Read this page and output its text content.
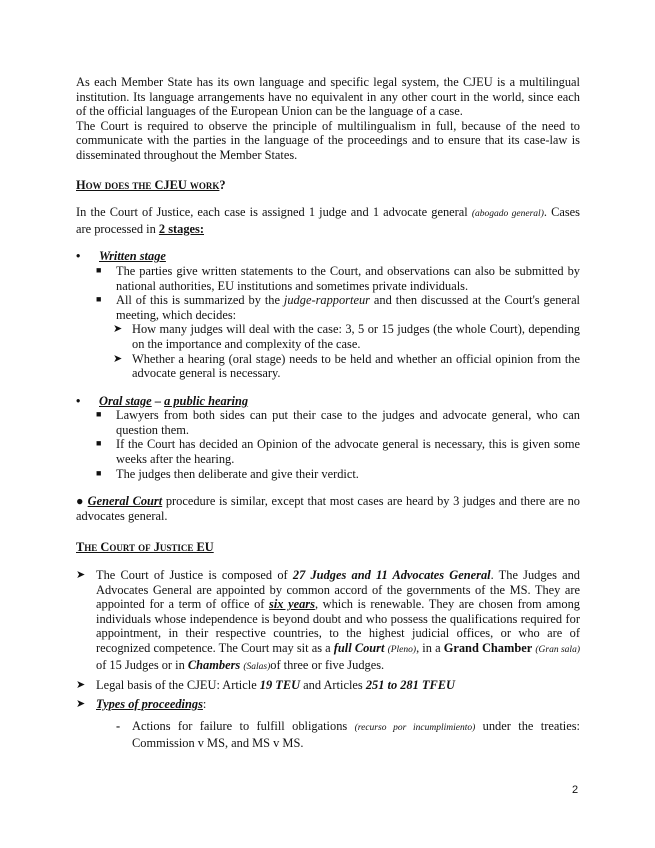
As each Member State has its own language and specific legal system, the CJEU is a multilingual institution. Its language arrangements have no equivalent in any other court in the world, since each of the official languages of the European Union can be the language of a case.

The Court is required to observe the principle of multilingualism in full, because of the need to communicate with the parties in the language of the proceedings and to ensure that its case-law is disseminated throughout the Member States.

How does the CJEU work?

In the Court of Justice, each case is assigned 1 judge and 1 advocate general (abogado general). Cases are processed in 2 stages:

• Written stage
■ The parties give written statements to the Court, and observations can also be submitted by national authorities, EU institutions and sometimes private individuals.
■ All of this is summarized by the judge-rapporteur and then discussed at the Court's general meeting, which decides:
➤ How many judges will deal with the case: 3, 5 or 15 judges (the whole Court), depending on the importance and complexity of the case.
➤ Whether a hearing (oral stage) needs to be held and whether an official opinion from the advocate general is necessary.
• Oral stage – a public hearing
■ Lawyers from both sides can put their case to the judges and advocate general, who can question them.
■ If the Court has decided an Opinion of the advocate general is necessary, this is given some weeks after the hearing.
■ The judges then deliberate and give their verdict.

● General Court procedure is similar, except that most cases are heard by 3 judges and there are no advocates general.

The Court of Justice EU

➤ The Court of Justice is composed of 27 Judges and 11 Advocates General. The Judges and Advocates General are appointed by common accord of the governments of the MS. They are appointed for a term of office of six years, which is renewable. They are chosen from among individuals whose independence is beyond doubt and who possess the qualifications required for appointment, in their respective countries, to the highest judicial offices, or who are of recognized competence. The Court may sit as a full Court (Pleno), in a Grand Chamber (Gran sala) of 15 Judges or in Chambers (Salas)of three or five Judges.
➤ Legal basis of the CJEU: Article 19 TEU and Articles 251 to 281 TFEU
➤ Types of proceedings:
- Actions for failure to fulfill obligations (recurso por incumplimiento) under the treaties: Commission v MS, and MS v MS.
2
